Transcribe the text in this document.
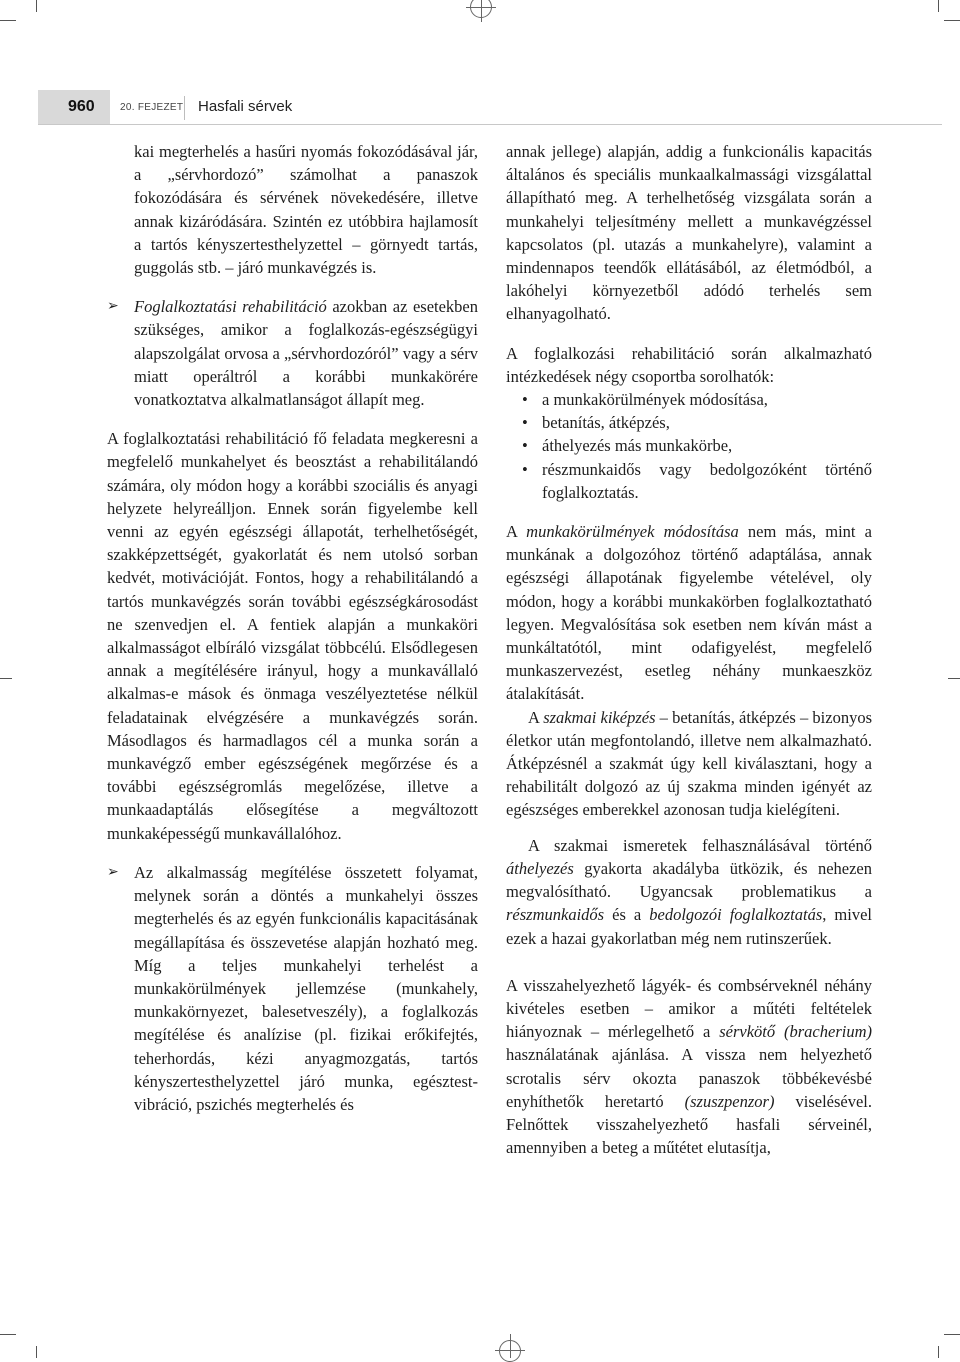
960	20. FEJEZET Hasfali sérvek

kai megterhelés a hasűri nyomás fokozódásával jár, a „sérvhordozó” számolhat a panaszok fokozódására és sérvének növekedésére, illetve annak kizáródására. Szintén ez utóbbira hajlamosít a tartós kényszertesthelyzettel – görnyedt tartás, guggolás stb. – járó munkavégzés is.

➢ Foglalkoztatási rehabilitáció azokban az esetekben szükséges, amikor a foglalkozás-egészségügyi alapszolgálat orvosa a „sérvhordozóról” vagy a sérv miatt operáltról a korábbi munkakörére vonatkoztatva alkalmatlanságot állapít meg.

A foglalkoztatási rehabilitáció fő feladata megkeresni a megfelelő munkahelyet és beosztást a rehabilitálandó számára, oly módon hogy a korábbi szociális és anyagi helyzete helyreálljon. Ennek során figyelembe kell venni az egyén egészségi állapotát, terhelhetőségét, szakképzettségét, gyakorlatát és nem utolsó sorban kedvét, motivációját. Fontos, hogy a rehabilitálandó a tartós munkavégzés során további egészségkárosodást ne szenvedjen el. A fentiek alapján a munkaköri alkalmasságot elbíráló vizsgálat többcélú. Elsődlegesen annak a megítélésére irányul, hogy a munkavállaló alkalmas-e mások és önmaga veszélyeztetése nélkül feladatainak elvégzésére a munkavégzés során. Másodlagos és harmadlagos cél a munka során a munkavégző ember egészségének megőrzése és a további egészségromlás megelőzése, illetve a munkaadaptálás elősegítése a megváltozott munkaképességű munkavállalóhoz.

➢ Az alkalmasság megítélése összetett folyamat, melynek során a döntés a munkahelyi összes megterhelés és az egyén funkcionális kapacitásának megállapítása és összevetése alapján hozható meg. Míg a teljes munkahelyi terhelést a munkakörülmények jellemzése (munkahely, munkakörnyezet, balesetveszély), a foglalkozás megítélése és analízise (pl. fizikai erőkifejtés, teherhordás, kézi anyagmozgatás, tartós kényszertesthelyzettel járó munka, egésztest-vibráció, pszichés megterhelés és

annak jellege) alapján, addig a funkcionális kapacitás általános és speciális munkaalkalmassági vizsgálattal állapítható meg. A terhelhetőség vizsgálata során a munkahelyi teljesítmény mellett a munkavégzéssel kapcsolatos (pl. utazás a munkahelyre), valamint a mindennapos teendők ellátásából, az életmódból, a lakóhelyi környezetből adódó terhelés sem elhanyagolható.

A foglalkozási rehabilitáció során alkalmazható intézkedések négy csoportba sorolhatók:

• a munkakörülmények módosítása,
• betanítás, átképzés,
• áthelyezés más munkakörbe,
• részmunkaidős vagy bedolgozóként történő foglalkoztatás.

A munkakörülmények módosítása nem más, mint a munkának a dolgozóhoz történő adaptálása, annak egészségi állapotának figyelembe vételével, oly módon, hogy a korábbi munkakörben foglalkoztatható legyen. Megvalósítása sok esetben nem kíván mást a munkáltatótól, mint odafigyelést, megfelelő munkaszervezést, esetleg néhány munkaeszköz átalakítását.

A szakmai kiképzés – betanítás, átképzés – bizonyos életkor után megfontolandó, illetve nem alkalmazható. Átképzésnél a szakmát úgy kell kiválasztani, hogy a rehabilitált dolgozó az új szakma minden igényét az egészséges emberekkel azonosan tudja kielégíteni.

A szakmai ismeretek felhasználásával történő áthelyezés gyakorta akadályba ütközik, és nehezen megvalósítható. Ugyancsak problematikus a részmunkaidős és a bedolgozói foglalkoztatás, mivel ezek a hazai gyakorlatban még nem rutinszerűek.

A visszahelyezhető lágyék- és combsérveknél néhány kivételes esetben – amikor a műtéti feltételek hiányoznak – mérlegelhető a sérvkötő (bracherium) használatának ajánlása. A vissza nem helyezhető scrotalis sérv okozta panaszok többékevésbé enyhíthetők heretartó (szuszpenzor) viselésével. Felnőttek visszahelyezhető hasfali sérveinél, amennyiben a beteg a műtétet elutasítja,
